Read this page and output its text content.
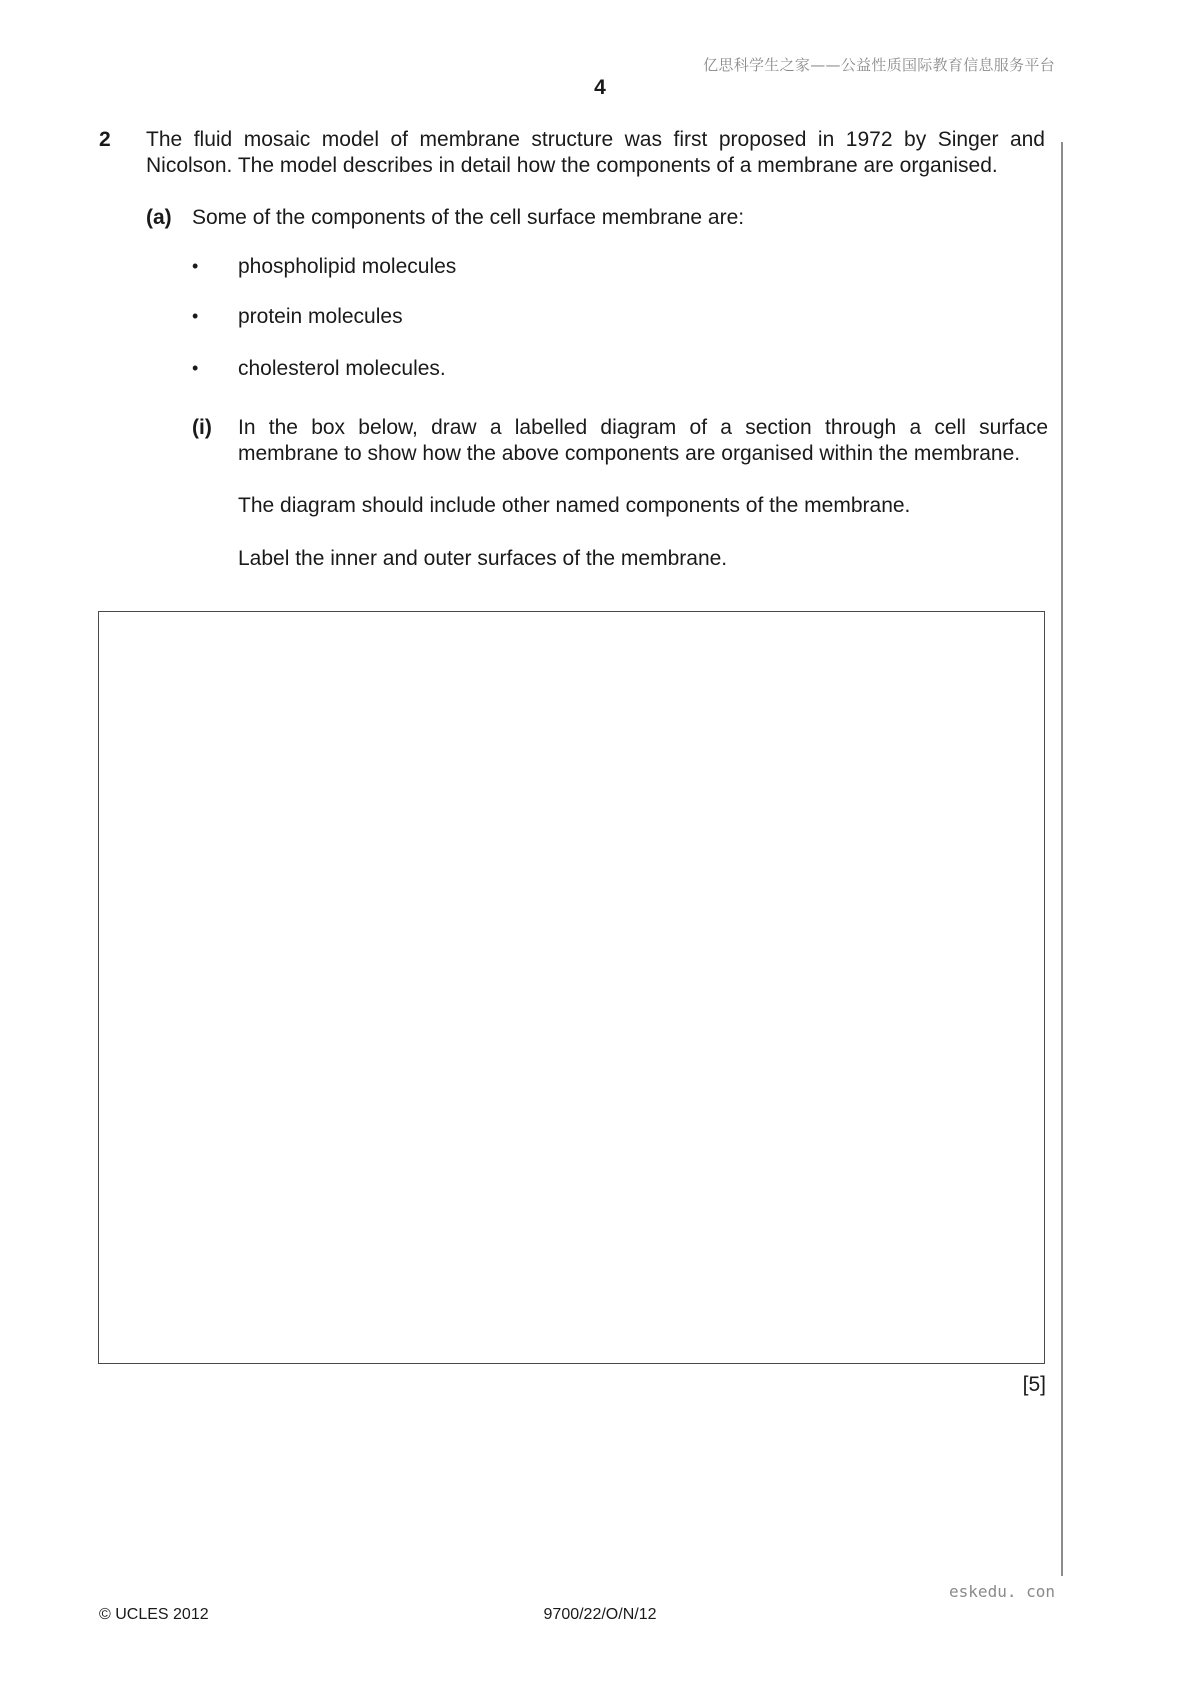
亿思科学生之家——公益性质国际教育信息服务平台
4
2 The fluid mosaic model of membrane structure was first proposed in 1972 by Singer and Nicolson. The model describes in detail how the components of a membrane are organised.
(a) Some of the components of the cell surface membrane are:
• phospholipid molecules
• protein molecules
• cholesterol molecules.
(i) In the box below, draw a labelled diagram of a section through a cell surface membrane to show how the above components are organised within the membrane.
The diagram should include other named components of the membrane.
Label the inner and outer surfaces of the membrane.
[5]
eskedu. con
© UCLES 2012	9700/22/O/N/12
